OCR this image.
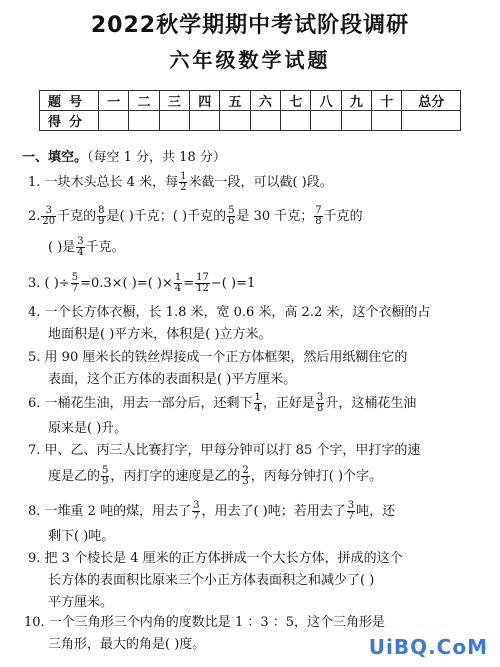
2022秋学期期中考试阶段调研
六年级数学试题
题号	一	二	三	四	五	六	七	八	九	十	总分
得分											
一、填空。（每空 1 分，共 18 分）
1. 一块木头总长 4 米，每 $\frac{1}{2}$ 米截一段，可以截( )段。
2. $\frac{3}{20}$ 千克的 $\frac{8}{9}$ 是( )千克；( )千克的 $\frac{5}{6}$ 是 30 千克； $\frac{7}{8}$ 千克的
( )是 $\frac{3}{4}$ 千克。
3. ( )÷ $\frac{5}{7} =0.3\times$( )=( )× $\frac{1}{4} = \frac{17}{12}$ −( )=1
4. 一个长方体衣橱，长 1.8 米，宽 0.6 米，高 2.2 米，这个衣橱的占
地面积是( )平方米，体积是( )立方米。
5. 用 90 厘米长的铁丝焊接成一个正方体框架，然后用纸糊住它的
表面，这个正方体的表面积是( )平方厘米。
6. 一桶花生油，用去一部分后，还剩下 $\frac{1}{4}$ ，正好是 $\frac{3}{8}$ 升，这桶花生油
原来是( )升。
7. 甲、乙、丙三人比赛打字，甲每分钟可以打 85 个字，甲打字的速
度是乙的 $\frac{5}{9}$ ，丙打字的速度是乙的 $\frac{2}{3}$ ，丙每分钟打( )个字。
8. 一堆重 2 吨的煤，用去了 $\frac{3}{7}$ ，用去了( )吨；若用去了 $\frac{3}{7}$ 吨，还
剩下( )吨。
9. 把 3 个棱长是 4 厘米的正方体拼成一个大长方体，拼成的这个
长方体的表面积比原来三个小正方体表面积之和减少了( )
平方厘米。
10. 一个三角形三个内角的度数比是 1 ：3 ：5，这个三角形是
三角形，最大的角是( )度。	UiBQ.CoM
